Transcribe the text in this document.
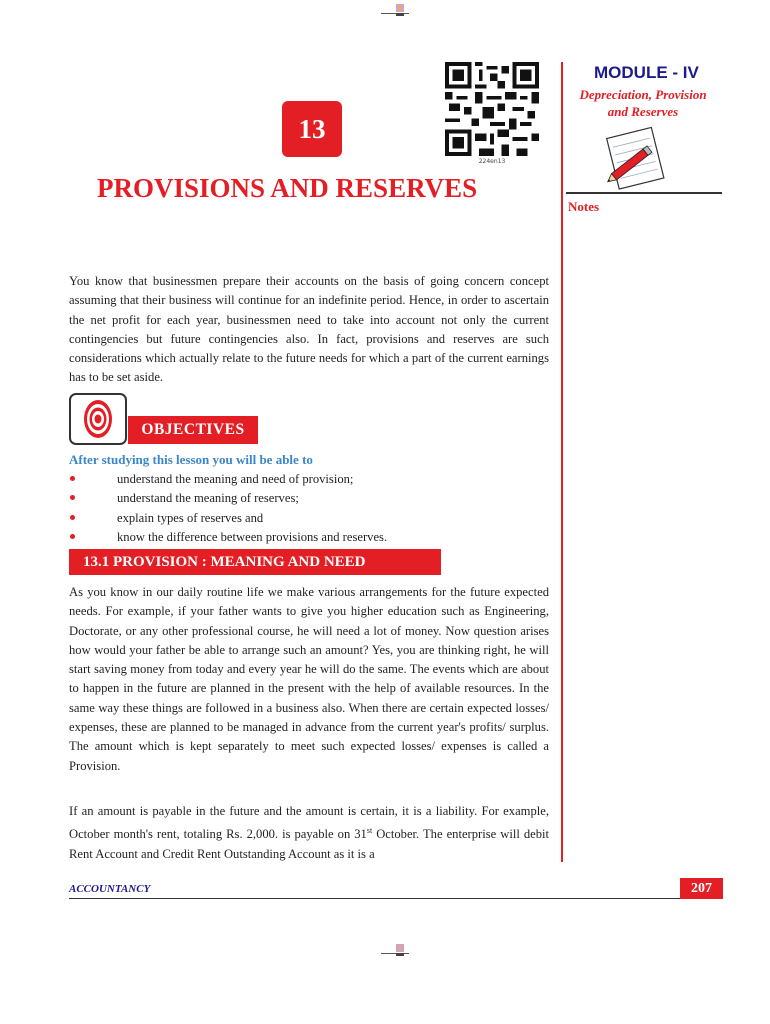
224en13
13
PROVISIONS AND RESERVES
MODULE - IV
Depreciation, Provision
and Reserves
Notes
You know that businessmen prepare their accounts on the basis of going concern concept assuming that their business will continue for an indefinite period. Hence, in order to ascertain the net profit for each year, businessmen need to take into account not only the current contingencies but future contingencies also. In fact, provisions and reserves are such considerations which actually relate to the future needs for which a part of the current earnings has to be set aside.
OBJECTIVES
After studying this lesson you will be able to
understand the meaning and need of provision;
understand the meaning of reserves;
explain types of reserves and
know the difference between provisions and reserves.
13.1 PROVISION : MEANING AND NEED
As you know in our daily routine life we make various arrangements for the future expected needs. For example, if your father wants to give you higher education such as Engineering, Doctorate, or any other professional course, he will need a lot of money. Now question arises how would your father be able to arrange such an amount? Yes, you are thinking right, he will start saving money from today and every year he will do the same. The events which are about to happen in the future are planned in the present with the help of available resources. In the same way these things are followed in a business also. When there are certain expected losses/ expenses, these are planned to be managed in advance from the current year's profits/ surplus. The amount which is kept separately to meet such expected losses/ expenses is called a Provision.
If an amount is payable in the future and the amount is certain, it is a liability. For example, October month's rent, totaling Rs. 2,000. is payable on 31st October. The enterprise will debit Rent Account and Credit Rent Outstanding Account as it is a
ACCOUNTANCY	207
